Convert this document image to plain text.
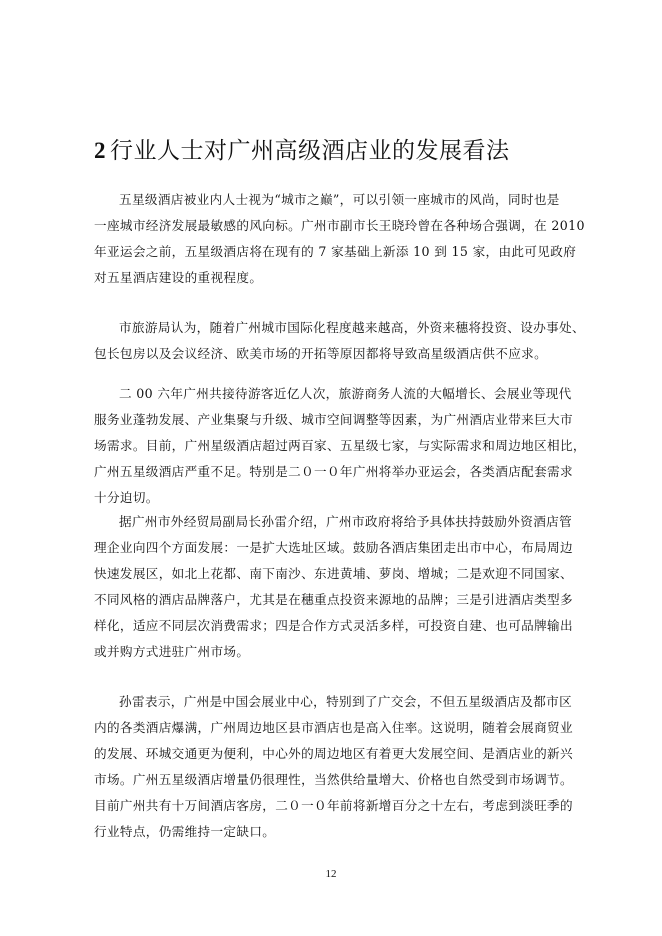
2 行业人士对广州高级酒店业的发展看法
五星级酒店被业内人士视为“城市之巅”，可以引领一座城市的风尚，同时也是
一座城市经济发展最敏感的风向标。广州市副市长王晓玲曾在各种场合强调，在 2010
年亚运会之前，五星级酒店将在现有的 7 家基础上新添 10 到 15 家，由此可见政府
对五星酒店建设的重视程度。
市旅游局认为，随着广州城市国际化程度越来越高，外资来穗将投资、设办事处、
包长包房以及会议经济、欧美市场的开拓等原因都将导致高星级酒店供不应求。
二 00 六年广州共接待游客近亿人次，旅游商务人流的大幅增长、会展业等现代
服务业蓬勃发展、产业集聚与升级、城市空间调整等因素，为广州酒店业带来巨大市
场需求。目前，广州星级酒店超过两百家、五星级七家，与实际需求和周边地区相比，
广州五星级酒店严重不足。特别是二０一０年广州将举办亚运会，各类酒店配套需求
十分迫切。
据广州市外经贸局副局长孙雷介绍，广州市政府将给予具体扶持鼓励外资酒店管
理企业向四个方面发展：一是扩大选址区域。鼓励各酒店集团走出市中心，布局周边
快速发展区，如北上花都、南下南沙、东进黄埔、萝岗、增城；二是欢迎不同国家、
不同风格的酒店品牌落户，尤其是在穗重点投资来源地的品牌；三是引进酒店类型多
样化，适应不同层次消费需求；四是合作方式灵活多样，可投资自建、也可品牌输出
或并购方式进驻广州市场。
孙雷表示，广州是中国会展业中心，特别到了广交会，不但五星级酒店及都市区
内的各类酒店爆满，广州周边地区县市酒店也是高入住率。这说明，随着会展商贸业
的发展、环城交通更为便利，中心外的周边地区有着更大发展空间、是酒店业的新兴
市场。广州五星级酒店增量仍很理性，当然供给量增大、价格也自然受到市场调节。
目前广州共有十万间酒店客房，二０一０年前将新增百分之十左右，考虑到淡旺季的
行业特点，仍需维持一定缺口。
12
